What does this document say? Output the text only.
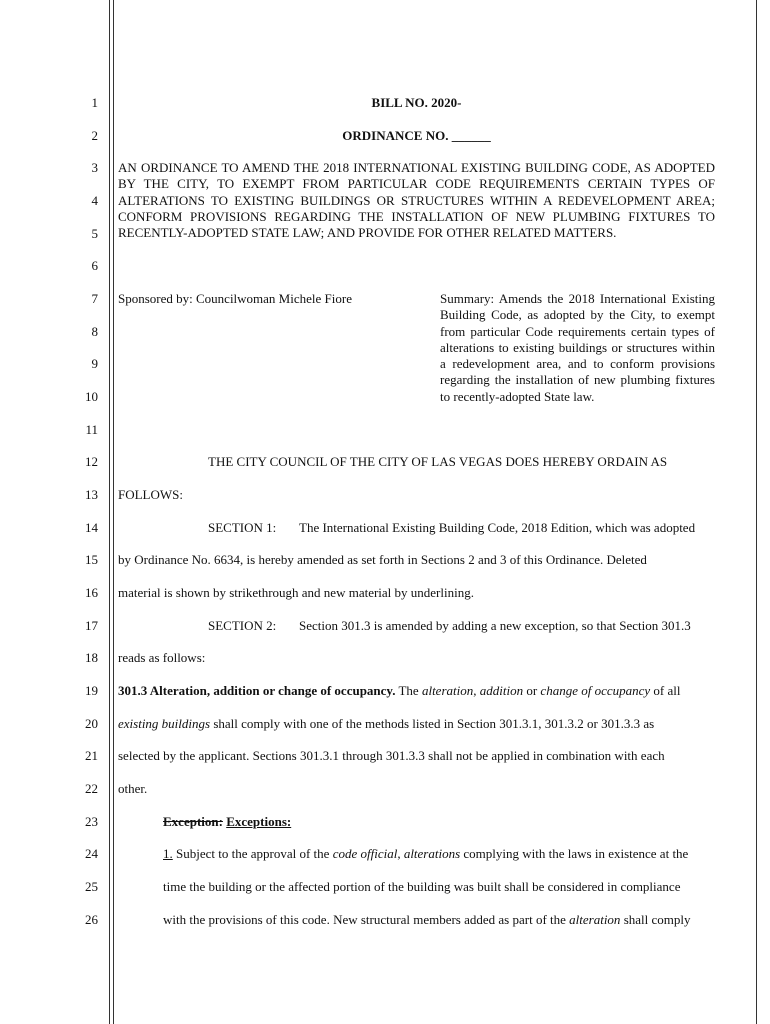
1
2
3
4
5
6
7
8
9
10
11
12
13
14
15
16
17
18
19
20
21
22
23
24
25
26
BILL NO. 2020-
ORDINANCE NO. ______
AN ORDINANCE TO AMEND THE 2018 INTERNATIONAL EXISTING BUILDING CODE, AS ADOPTED BY THE CITY, TO EXEMPT FROM PARTICULAR CODE REQUIREMENTS CERTAIN TYPES OF ALTERATIONS TO EXISTING BUILDINGS OR STRUCTURES WITHIN A REDEVELOPMENT AREA; CONFORM PROVISIONS REGARDING THE INSTALLATION OF NEW PLUMBING FIXTURES TO RECENTLY-ADOPTED STATE LAW; AND PROVIDE FOR OTHER RELATED MATTERS.
Sponsored by: Councilwoman Michele Fiore	Summary: Amends the 2018 International Existing Building Code, as adopted by the City, to exempt from particular Code requirements certain types of alterations to existing buildings or structures within a redevelopment area, and to conform provisions regarding the installation of new plumbing fixtures to recently-adopted State law.
THE CITY COUNCIL OF THE CITY OF LAS VEGAS DOES HEREBY ORDAIN AS
FOLLOWS:
SECTION 1: The International Existing Building Code, 2018 Edition, which was adopted
by Ordinance No. 6634, is hereby amended as set forth in Sections 2 and 3 of this Ordinance. Deleted
material is shown by strikethrough and new material by underlining.
SECTION 2: Section 301.3 is amended by adding a new exception, so that Section 301.3
reads as follows:
301.3 Alteration, addition or change of occupancy. The alteration, addition or change of occupancy of all
existing buildings shall comply with one of the methods listed in Section 301.3.1, 301.3.2 or 301.3.3 as
selected by the applicant. Sections 301.3.1 through 301.3.3 shall not be applied in combination with each
other.
Exception: Exceptions:
1. Subject to the approval of the code official, alterations complying with the laws in existence at the
time the building or the affected portion of the building was built shall be considered in compliance
with the provisions of this code. New structural members added as part of the alteration shall comply
